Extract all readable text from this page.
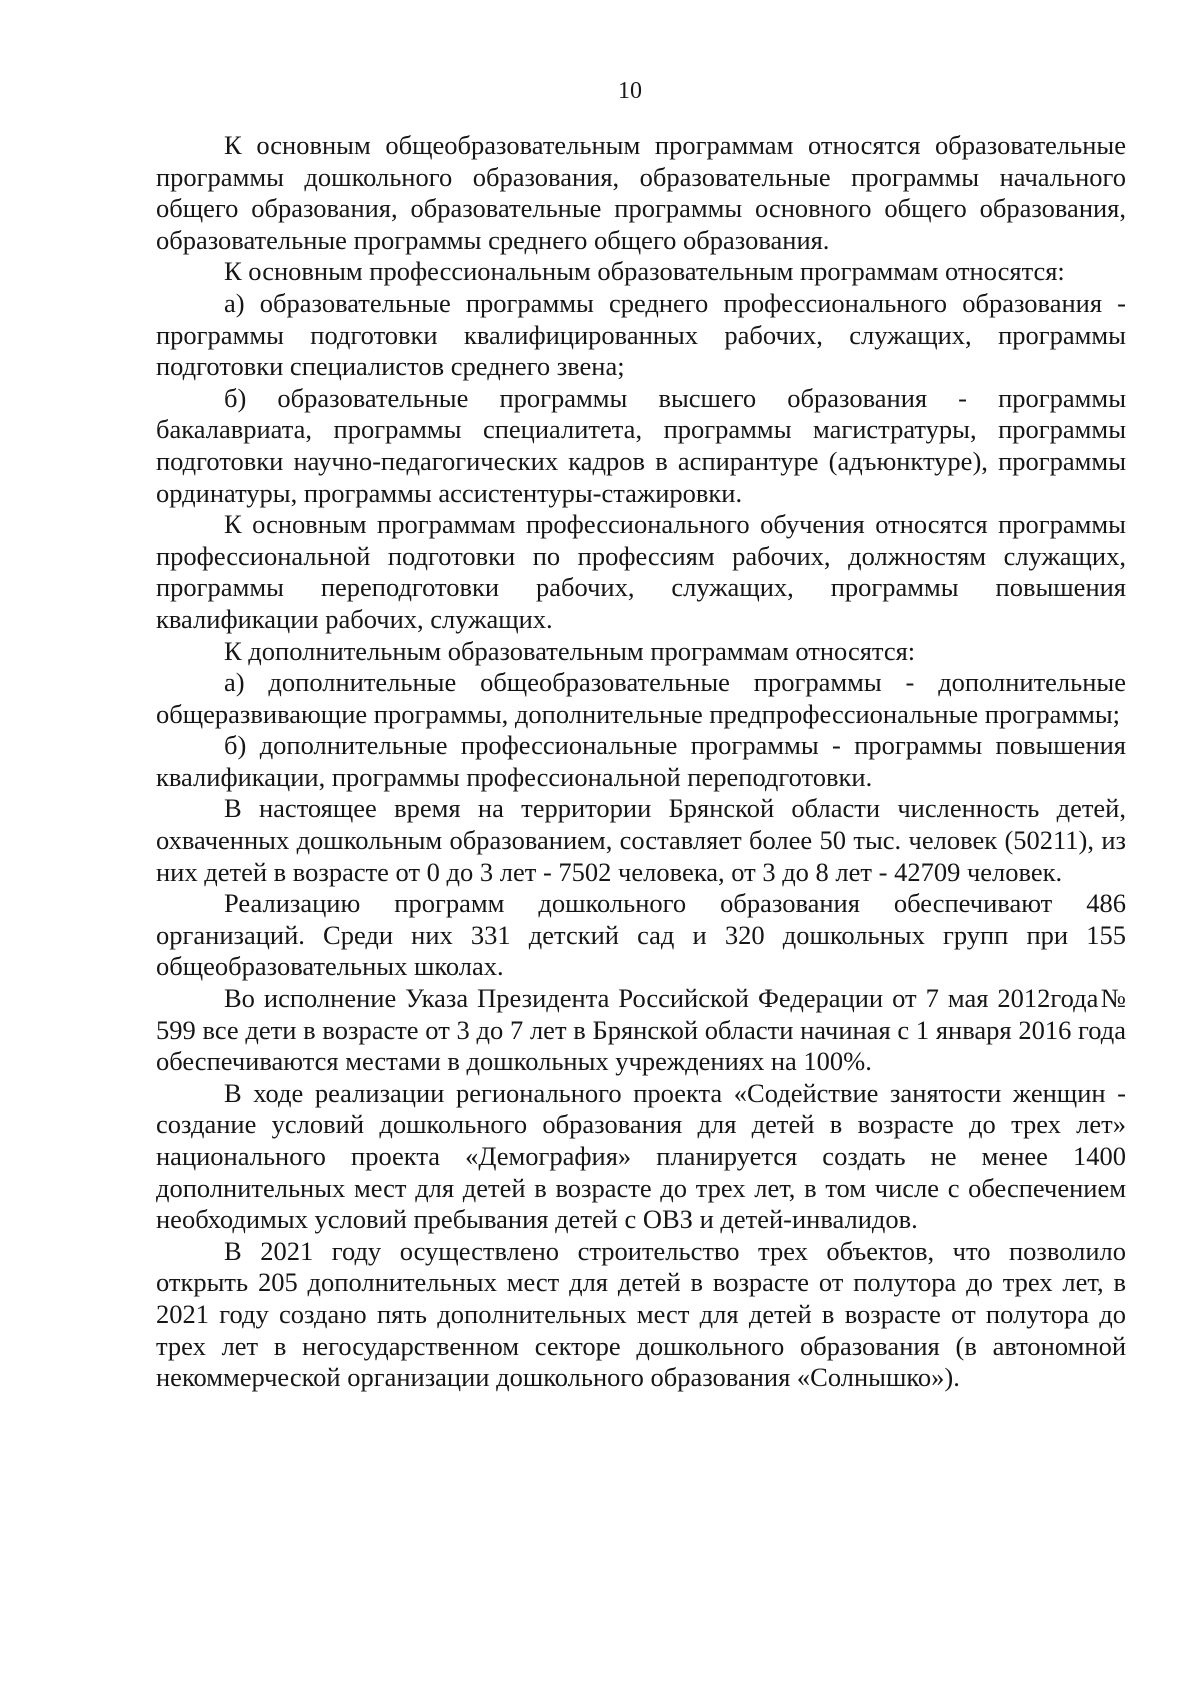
10

К основным общеобразовательным программам относятся образовательные программы дошкольного образования, образовательные программы начального общего образования, образовательные программы основного общего образования, образовательные программы среднего общего образования.

К основным профессиональным образовательным программам относятся:

а) образовательные программы среднего профессионального образования - программы подготовки квалифицированных рабочих, служащих, программы подготовки специалистов среднего звена;

б) образовательные программы высшего образования - программы бакалавриата, программы специалитета, программы магистратуры, программы подготовки научно-педагогических кадров в аспирантуре (адъюнктуре), программы ординатуры, программы ассистентуры-стажировки.

К основным программам профессионального обучения относятся программы профессиональной подготовки по профессиям рабочих, должностям служащих, программы переподготовки рабочих, служащих, программы повышения квалификации рабочих, служащих.

К дополнительным образовательным программам относятся:

а) дополнительные общеобразовательные программы - дополнительные общеразвивающие программы, дополнительные предпрофессиональные программы;

б) дополнительные профессиональные программы - программы повышения квалификации, программы профессиональной переподготовки.

В настоящее время на территории Брянской области численность детей, охваченных дошкольным образованием, составляет более 50 тыс. человек (50211), из них детей в возрасте от 0 до 3 лет - 7502 человека, от 3 до 8 лет - 42709 человек.

Реализацию программ дошкольного образования обеспечивают 486 организаций. Среди них 331 детский сад и 320 дошкольных групп при 155 общеобразовательных школах.

Во исполнение Указа Президента Российской Федерации от 7 мая 2012года№ 599 все дети в возрасте от 3 до 7 лет в Брянской области начиная с 1 января 2016 года обеспечиваются местами в дошкольных учреждениях на 100%.

В ходе реализации регионального проекта «Содействие занятости женщин - создание условий дошкольного образования для детей в возрасте до трех лет» национального проекта «Демография» планируется создать не менее 1400 дополнительных мест для детей в возрасте до трех лет, в том числе с обеспечением необходимых условий пребывания детей с ОВЗ и детей-инвалидов.

В 2021 году осуществлено строительство трех объектов, что позволило открыть 205 дополнительных мест для детей в возрасте от полутора до трех лет, в 2021 году создано пять дополнительных мест для детей в возрасте от полутора до трех лет в негосударственном секторе дошкольного образования (в автономной некоммерческой организации дошкольного образования «Солнышко»).
